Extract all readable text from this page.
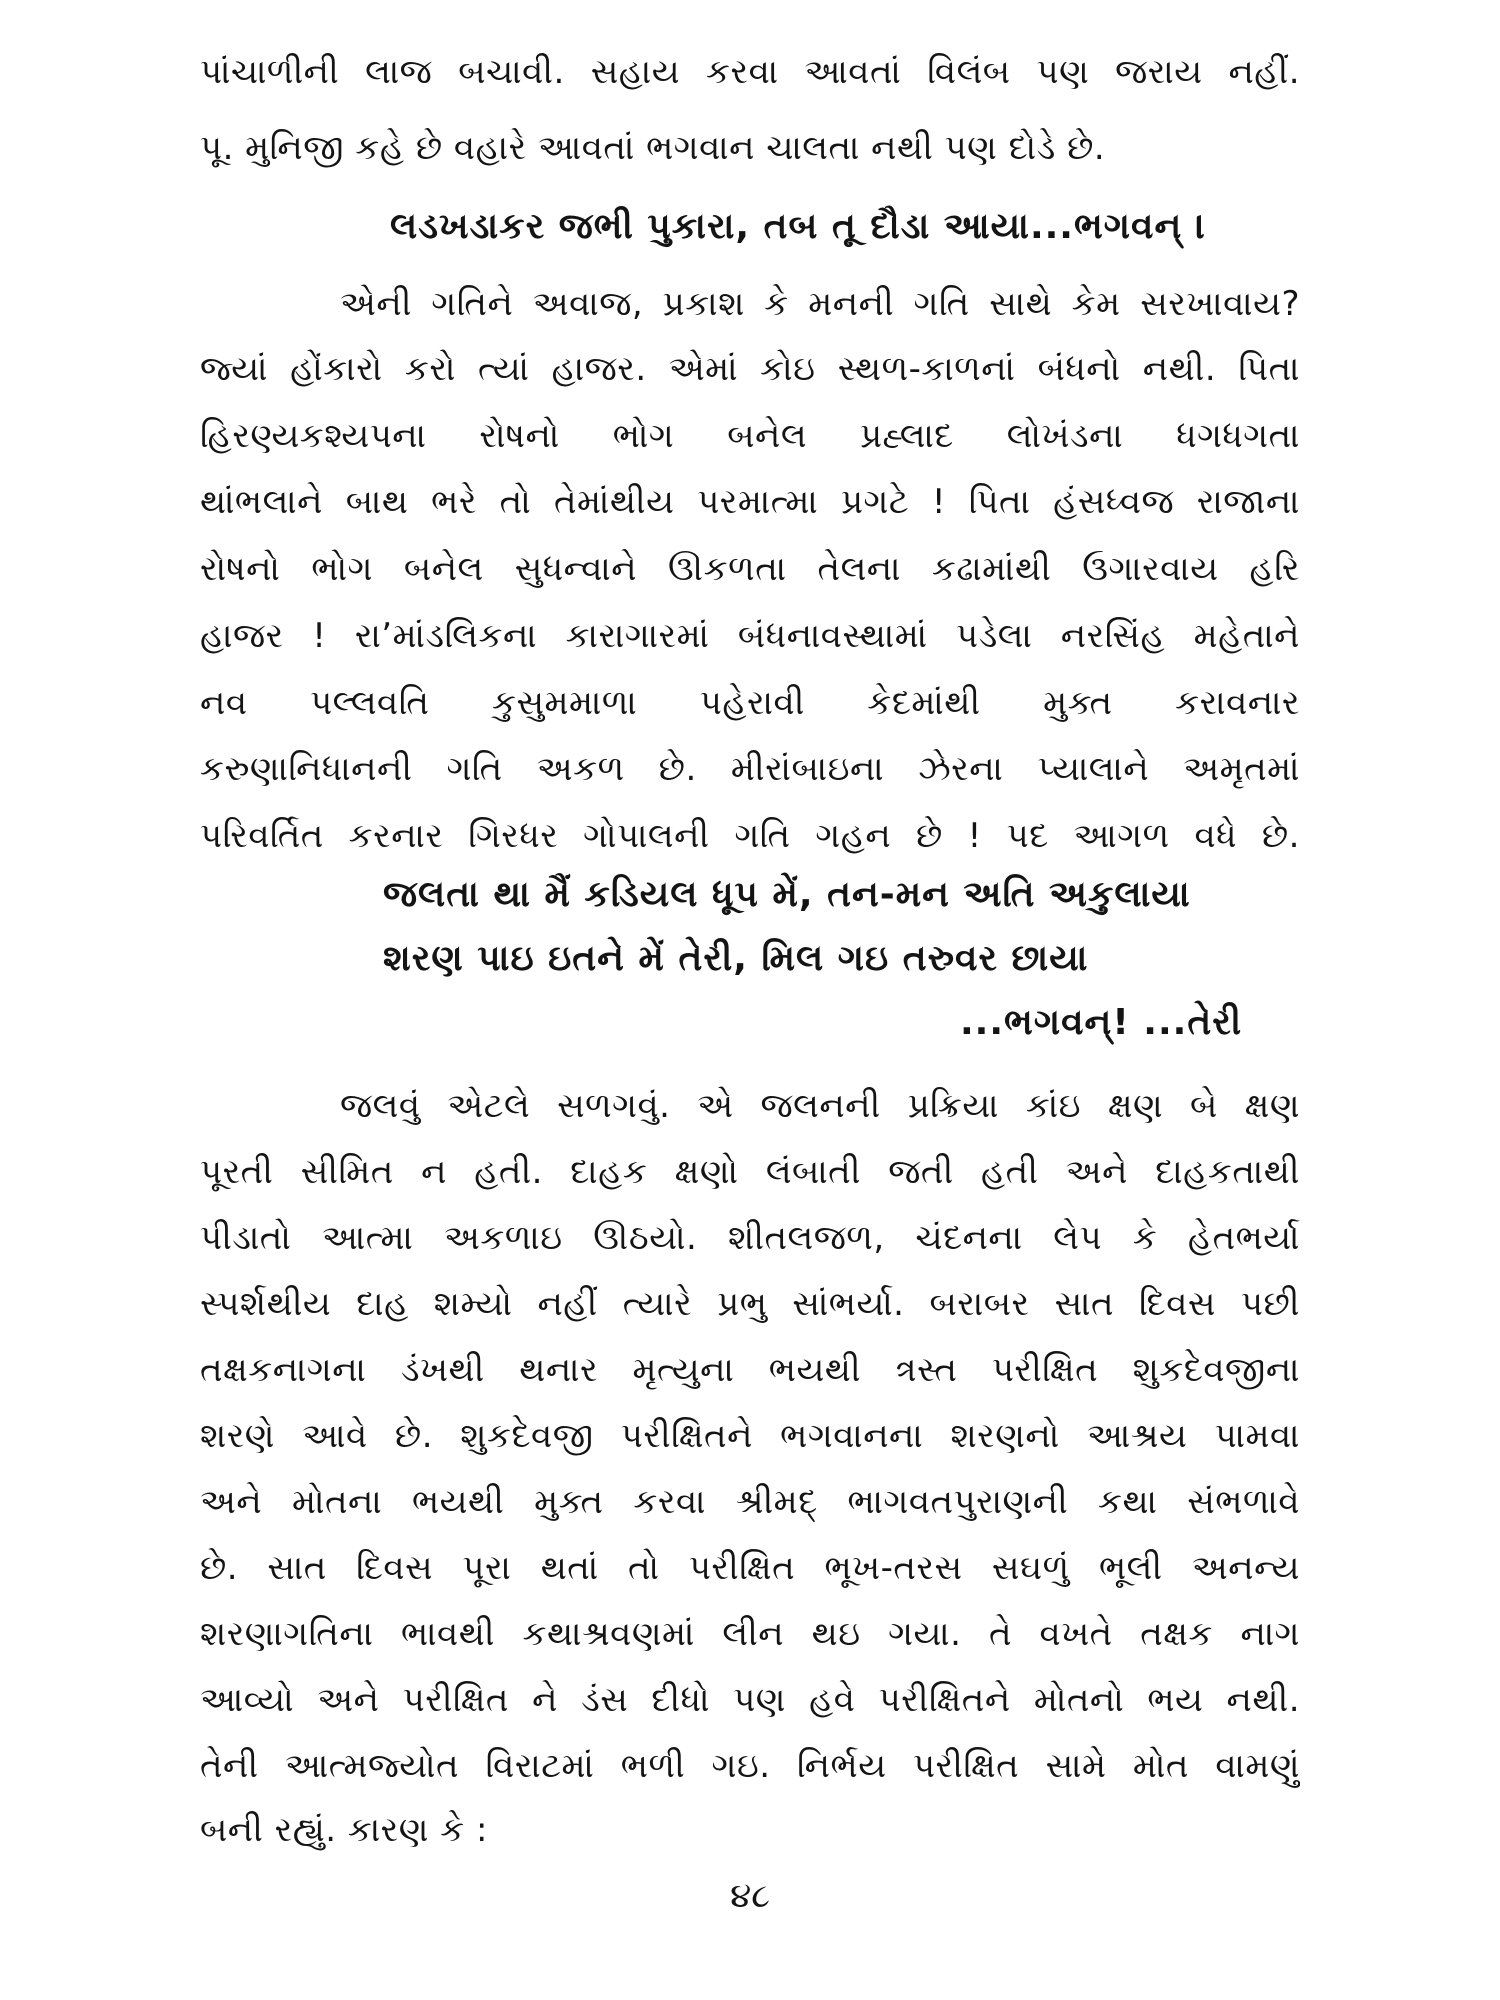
પાંચાળીની લાજ બચાવી. સહાય કરવા આવતાં વિલંબ પણ જરાય નહીં.
પૂ. મુનિજી કહે છે વહારે આવતાં ભગવાન ચાલતા નથી પણ દોડે છે.
લડખડાકર જભી પુકારા, તબ તૂ દૌડા આયા...ભગવન્ ।
એની ગતિને અવાજ, પ્રકાશ કે મનની ગતિ સાથે કેમ સરખાવાય?
જ્યાં હોંકારો કરો ત્યાં હાજર. એમાં કોઇ સ્થળ-કાળનાં બંધનો નથી. પિતા
હિરણ્યકશ્યપના રોષનો ભોગ બનેલ પ્રહ્લાદ લોખંડના ધગધગતા
થાંભલાને બાથ ભરે તો તેમાંથીય પરમાત્મા પ્રગટે ! પિતા હંસધ્વજ રાજાના
રોષનો ભોગ બનેલ સુધન્વાને ઊકળતા તેલના કઢામાંથી ઉગારવાય હરિ
હાજર ! રા’માંડલિકના કારાગારમાં બંધનાવસ્થામાં પડેલા નરસિંહ મહેતાને
નવ પલ્લવતિ કુસુમમાળા પહેરાવી કેદમાંથી મુક્ત કરાવનાર
કરુણાનિધાનની ગતિ અકળ છે. મીરાંબાઇના ઝેરના પ્યાલાને અમૃતમાં
પરિવર્તિત કરનાર ગિરધર ગોપાલની ગતિ ગહન છે ! પદ આગળ વધે છે.
જલતા થા મૈં કડિયલ ધૂપ મેં, તન-મન અતિ અકુલાયા
શરણ પાઇ ઇતને મેં તેરી, મિલ ગઇ તરુવર છાયા
...ભગવન્! ...તેરી
જલવું એટલે સળગવું. એ જલનની પ્રક્રિયા કાંઇ ક્ષણ બે ક્ષણ
પૂરતી સીમિત ન હતી. દાહક ક્ષણો લંબાતી જતી હતી અને દાહકતાથી
પીડાતો આત્મા અકળાઇ ઊઠયો. શીતલજળ, ચંદનના લેપ કે હેતભર્યા
સ્પર્શથીય દાહ શમ્યો નહીં ત્યારે પ્રભુ સાંભર્યા. બરાબર સાત દિવસ પછી
તક્ષકનાગના ડંખથી થનાર મૃત્યુના ભયથી ત્રસ્ત પરીક્ષિત શુકદેવજીના
શરણે આવે છે. શુકદેવજી પરીક્ષિતને ભગવાનના શરણનો આશ્રય પામવા
અને મોતના ભયથી મુક્ત કરવા શ્રીમદ્ ભાગવતપુરાણની કથા સંભળાવે
છે. સાત દિવસ પૂરા થતાં તો પરીક્ષિત ભૂખ-તરસ સઘળું ભૂલી અનન્ય
શરણાગતિના ભાવથી કથાશ્રવણમાં લીન થઇ ગયા. તે વખતે તક્ષક નાગ
આવ્યો અને પરીક્ષિત ને ડંસ દીધો પણ હવે પરીક્ષિતને મોતનો ભય નથી.
તેની આત્મજ્યોત વિરાટમાં ભળી ગઇ. નિર્ભય પરીક્ષિત સામે મોત વામણું
બની રહ્યું. કારણ કે :
૪૮
